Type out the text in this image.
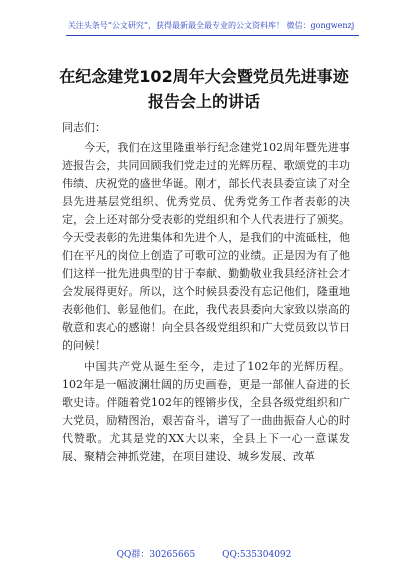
关注头条号“公文研究”，获得最新最全最专业的公文资料库！ 微信：gongwenzj
在纪念建党102周年大会暨党员先进事迹
报告会上的讲话

同志们：

今天，我们在这里隆重举行纪念建党102周年暨先进事迹报告会，共同回顾我们党走过的光辉历程、歌颂党的丰功伟绩、庆祝党的盛世华诞。刚才，部长代表县委宣读了对全县先进基层党组织、优秀党员、优秀党务工作者表彰的决定，会上还对部分受表彰的党组织和个人代表进行了颁奖。今天受表彰的先进集体和先进个人，是我们的中流砥柱，他们在平凡的岗位上创造了可歌可泣的业绩。正是因为有了他们这样一批先进典型的甘于奉献、勤勤敬业我县经济社会才会发展得更好。所以，这个时候县委没有忘记他们，隆重地表彰他们、彰显他们。在此，我代表县委向大家致以崇高的敬意和衷心的感谢！向全县各级党组织和广大党员致以节日的问候！

中国共产党从诞生至今，走过了102年的光辉历程。102年是一幅波澜壮阔的历史画卷，更是一部催人奋进的长歌史诗。伴随着党102年的铿锵步伐，全县各级党组织和广大党员，励精图治，艰苦奋斗，谱写了一曲曲振奋人心的时代赞歌。尤其是党的XX大以来，全县上下一心一意谋发展、聚精会神抓党建，在项目建设、城乡发展、改革

QQ群：30265665	QQ:535304092
